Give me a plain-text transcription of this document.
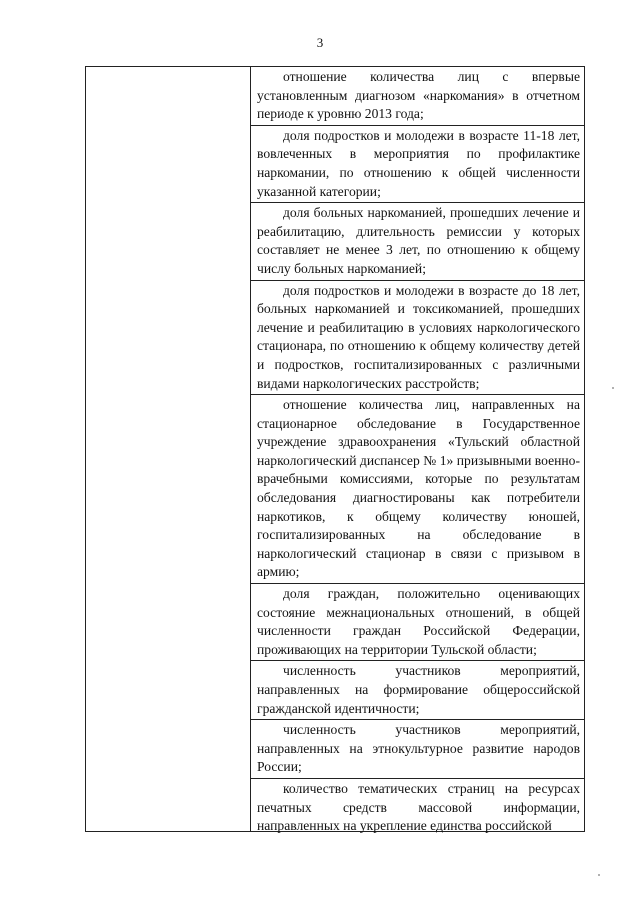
3
отношение количества лиц с впервые установленным диагнозом «наркомания» в отчетном периоде к уровню 2013 года;
доля подростков и молодежи в возрасте 11-18 лет, вовлеченных в мероприятия по профилактике наркомании, по отношению к общей численности указанной категории;
доля больных наркоманией, прошедших лечение и реабилитацию, длительность ремиссии у которых составляет не менее 3 лет, по отношению к общему числу больных наркоманией;
доля подростков и молодежи в возрасте до 18 лет, больных наркоманией и токсикоманией, прошедших лечение и реабилитацию в условиях наркологического стационара, по отношению к общему количеству детей и подростков, госпитализированных с различными видами наркологических расстройств;
отношение количества лиц, направленных на стационарное обследование в Государственное учреждение здравоохранения «Тульский областной наркологический диспансер № 1» призывными военно-врачебными комиссиями, которые по результатам обследования диагностированы как потребители наркотиков, к общему количеству юношей, госпитализированных на обследование в наркологический стационар в связи с призывом в армию;
доля граждан, положительно оценивающих состояние межнациональных отношений, в общей численности граждан Российской Федерации, проживающих на территории Тульской области;
численность участников мероприятий, направленных на формирование общероссийской гражданской идентичности;
численность участников мероприятий, направленных на этнокультурное развитие народов России;
количество тематических страниц на ресурсах печатных средств массовой информации, направленных на укрепление единства российской
